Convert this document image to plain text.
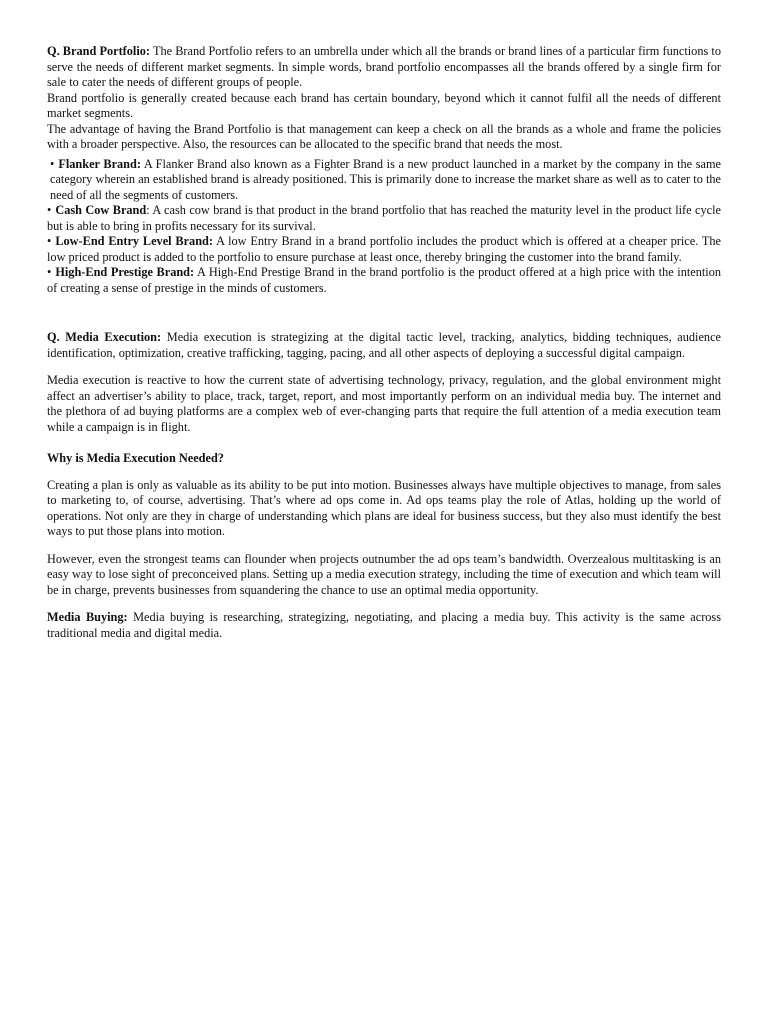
Q. Brand Portfolio: The Brand Portfolio refers to an umbrella under which all the brands or brand lines of a particular firm functions to serve the needs of different market segments. In simple words, brand portfolio encompasses all the brands offered by a single firm for sale to cater the needs of different groups of people.

Brand portfolio is generally created because each brand has certain boundary, beyond which it cannot fulfil all the needs of different market segments.

The advantage of having the Brand Portfolio is that management can keep a check on all the brands as a whole and frame the policies with a broader perspective. Also, the resources can be allocated to the specific brand that needs the most.

• Flanker Brand: A Flanker Brand also known as a Fighter Brand is a new product launched in a market by the company in the same category wherein an established brand is already positioned. This is primarily done to increase the market share as well as to cater to the need of all the segments of customers.

• Cash Cow Brand: A cash cow brand is that product in the brand portfolio that has reached the maturity level in the product life cycle but is able to bring in profits necessary for its survival.

• Low-End Entry Level Brand: A low Entry Brand in a brand portfolio includes the product which is offered at a cheaper price. The low priced product is added to the portfolio to ensure purchase at least once, thereby bringing the customer into the brand family.

• High-End Prestige Brand: A High-End Prestige Brand in the brand portfolio is the product offered at a high price with the intention of creating a sense of prestige in the minds of customers.

Q. Media Execution: Media execution is strategizing at the digital tactic level, tracking, analytics, bidding techniques, audience identification, optimization, creative trafficking, tagging, pacing, and all other aspects of deploying a successful digital campaign.

Media execution is reactive to how the current state of advertising technology, privacy, regulation, and the global environment might affect an advertiser’s ability to place, track, target, report, and most importantly perform on an individual media buy. The internet and the plethora of ad buying platforms are a complex web of ever-changing parts that require the full attention of a media execution team while a campaign is in flight.

Why is Media Execution Needed?

Creating a plan is only as valuable as its ability to be put into motion. Businesses always have multiple objectives to manage, from sales to marketing to, of course, advertising. That’s where ad ops come in. Ad ops teams play the role of Atlas, holding up the world of operations. Not only are they in charge of understanding which plans are ideal for business success, but they also must identify the best ways to put those plans into motion.

However, even the strongest teams can flounder when projects outnumber the ad ops team’s bandwidth. Overzealous multitasking is an easy way to lose sight of preconceived plans. Setting up a media execution strategy, including the time of execution and which team will be in charge, prevents businesses from squandering the chance to use an optimal media opportunity.

Media Buying: Media buying is researching, strategizing, negotiating, and placing a media buy. This activity is the same across traditional media and digital media.
